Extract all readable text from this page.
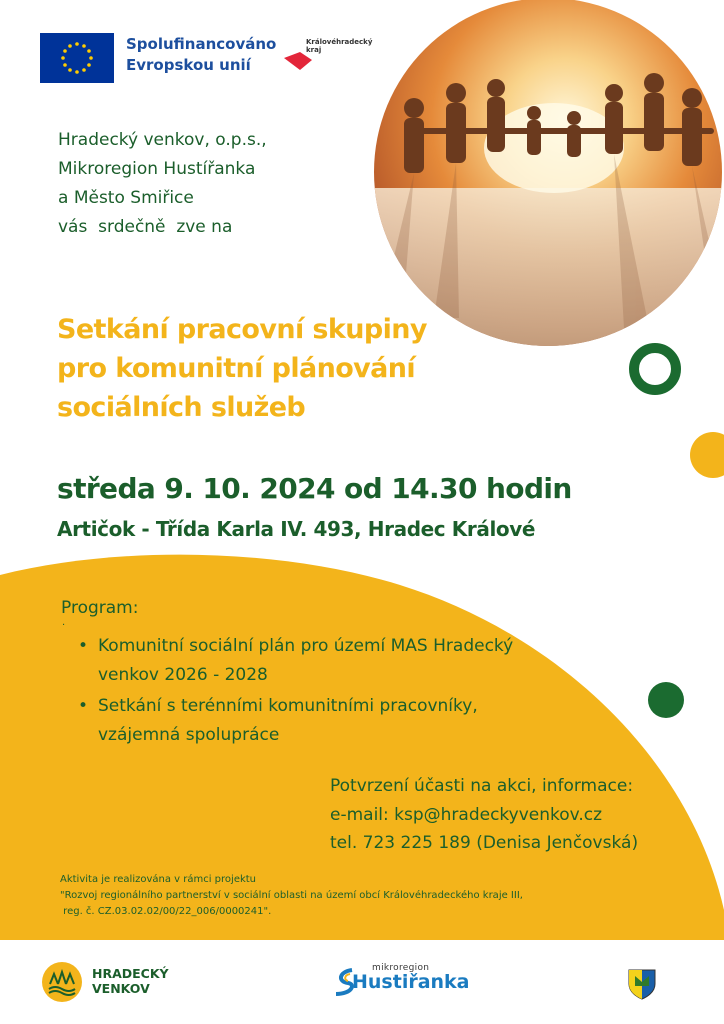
Spolufinancováno
Evropskou unií
Královéhradecký
kraj
Hradecký venkov, o.p.s.,
Mikroregion Hustířanka
a Město Smiřice
vás  srdečně  zve na
Setkání pracovní skupiny
pro komunitní plánování
sociálních služeb
středa 9. 10. 2024 od 14.30 hodin
Artičok - Třída Karla IV. 493, Hradec Králové
Program:
.
• Komunitní sociální plán pro území MAS Hradecký
venkov 2026 - 2028
• Setkání s terénními komunitními pracovníky,
vzájemná spolupráce
Potvrzení účasti na akci, informace:
e-mail: ksp@hradeckyvenkov.cz
tel. 723 225 189 (Denisa Jenčovská)
Aktivita je realizována v rámci projektu
"Rozvoj regionálního partnerství v sociální oblasti na území obcí Královéhradeckého kraje III,
reg. č. CZ.03.02.02/00/22_006/0000241".
HRADECKÝ
VENKOV
mikroregion
Hustiřanka
